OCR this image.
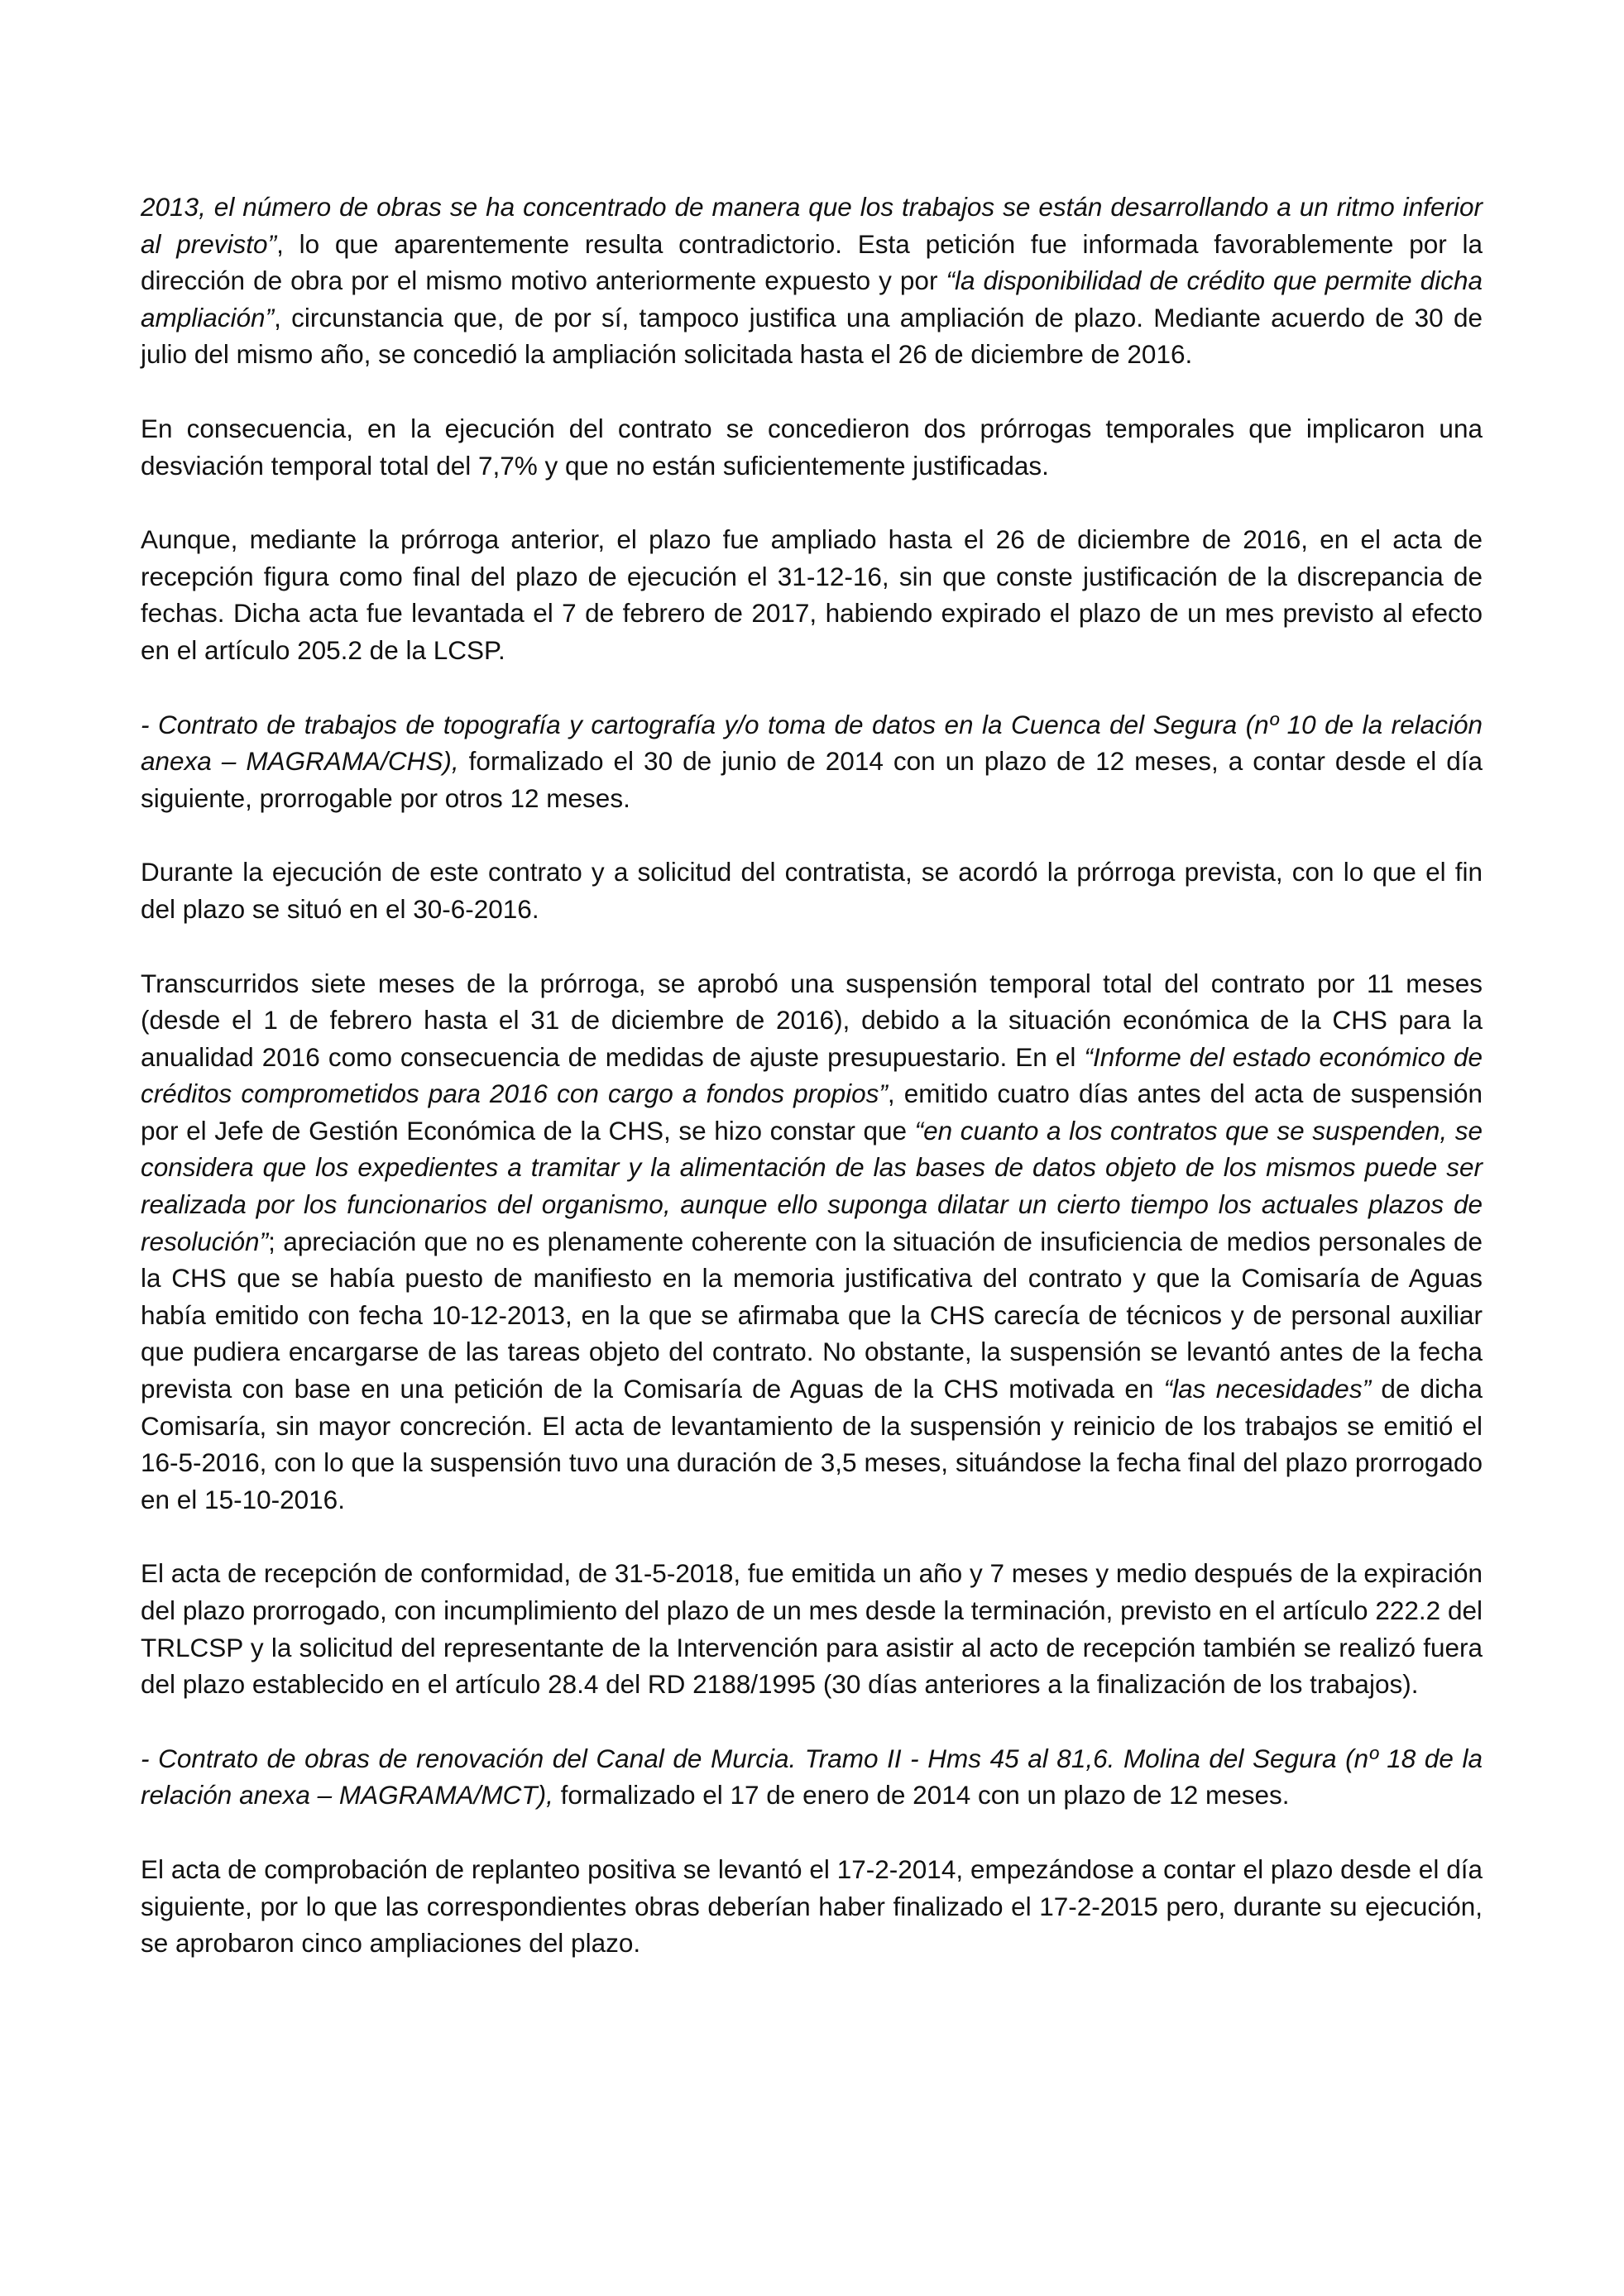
2013, el número de obras se ha concentrado de manera que los trabajos se están desarrollando a un ritmo inferior al previsto”, lo que aparentemente resulta contradictorio. Esta petición fue informada favorablemente por la dirección de obra por el mismo motivo anteriormente expuesto y por “la disponibilidad de crédito que permite dicha ampliación”, circunstancia que, de por sí, tampoco justifica una ampliación de plazo. Mediante acuerdo de 30 de julio del mismo año, se concedió la ampliación solicitada hasta el 26 de diciembre de 2016.

En consecuencia, en la ejecución del contrato se concedieron dos prórrogas temporales que implicaron una desviación temporal total del 7,7% y que no están suficientemente justificadas.

Aunque, mediante la prórroga anterior, el plazo fue ampliado hasta el 26 de diciembre de 2016, en el acta de recepción figura como final del plazo de ejecución el 31-12-16, sin que conste justificación de la discrepancia de fechas. Dicha acta fue levantada el 7 de febrero de 2017, habiendo expirado el plazo de un mes previsto al efecto en el artículo 205.2 de la LCSP.

- Contrato de trabajos de topografía y cartografía y/o toma de datos en la Cuenca del Segura (nº 10 de la relación anexa – MAGRAMA/CHS), formalizado el 30 de junio de 2014 con un plazo de 12 meses, a contar desde el día siguiente, prorrogable por otros 12 meses.

Durante la ejecución de este contrato y a solicitud del contratista, se acordó la prórroga prevista, con lo que el fin del plazo se situó en el 30-6-2016.

Transcurridos siete meses de la prórroga, se aprobó una suspensión temporal total del contrato por 11 meses (desde el 1 de febrero hasta el 31 de diciembre de 2016), debido a la situación económica de la CHS para la anualidad 2016 como consecuencia de medidas de ajuste presupuestario. En el “Informe del estado económico de créditos comprometidos para 2016 con cargo a fondos propios”, emitido cuatro días antes del acta de suspensión por el Jefe de Gestión Económica de la CHS, se hizo constar que “en cuanto a los contratos que se suspenden, se considera que los expedientes a tramitar y la alimentación de las bases de datos objeto de los mismos puede ser realizada por los funcionarios del organismo, aunque ello suponga dilatar un cierto tiempo los actuales plazos de resolución”; apreciación que no es plenamente coherente con la situación de insuficiencia de medios personales de la CHS que se había puesto de manifiesto en la memoria justificativa del contrato y que la Comisaría de Aguas había emitido con fecha 10-12-2013, en la que se afirmaba que la CHS carecía de técnicos y de personal auxiliar que pudiera encargarse de las tareas objeto del contrato. No obstante, la suspensión se levantó antes de la fecha prevista con base en una petición de la Comisaría de Aguas de la CHS motivada en “las necesidades” de dicha Comisaría, sin mayor concreción. El acta de levantamiento de la suspensión y reinicio de los trabajos se emitió el 16-5-2016, con lo que la suspensión tuvo una duración de 3,5 meses, situándose la fecha final del plazo prorrogado en el 15-10-2016.

El acta de recepción de conformidad, de 31-5-2018, fue emitida un año y 7 meses y medio después de la expiración del plazo prorrogado, con incumplimiento del plazo de un mes desde la terminación, previsto en el artículo 222.2 del TRLCSP y la solicitud del representante de la Intervención para asistir al acto de recepción también se realizó fuera del plazo establecido en el artículo 28.4 del RD 2188/1995 (30 días anteriores a la finalización de los trabajos).

- Contrato de obras de renovación del Canal de Murcia. Tramo II - Hms 45 al 81,6. Molina del Segura (nº 18 de la relación anexa – MAGRAMA/MCT), formalizado el 17 de enero de 2014 con un plazo de 12 meses.

El acta de comprobación de replanteo positiva se levantó el 17-2-2014, empezándose a contar el plazo desde el día siguiente, por lo que las correspondientes obras deberían haber finalizado el 17-2-2015 pero, durante su ejecución, se aprobaron cinco ampliaciones del plazo.
